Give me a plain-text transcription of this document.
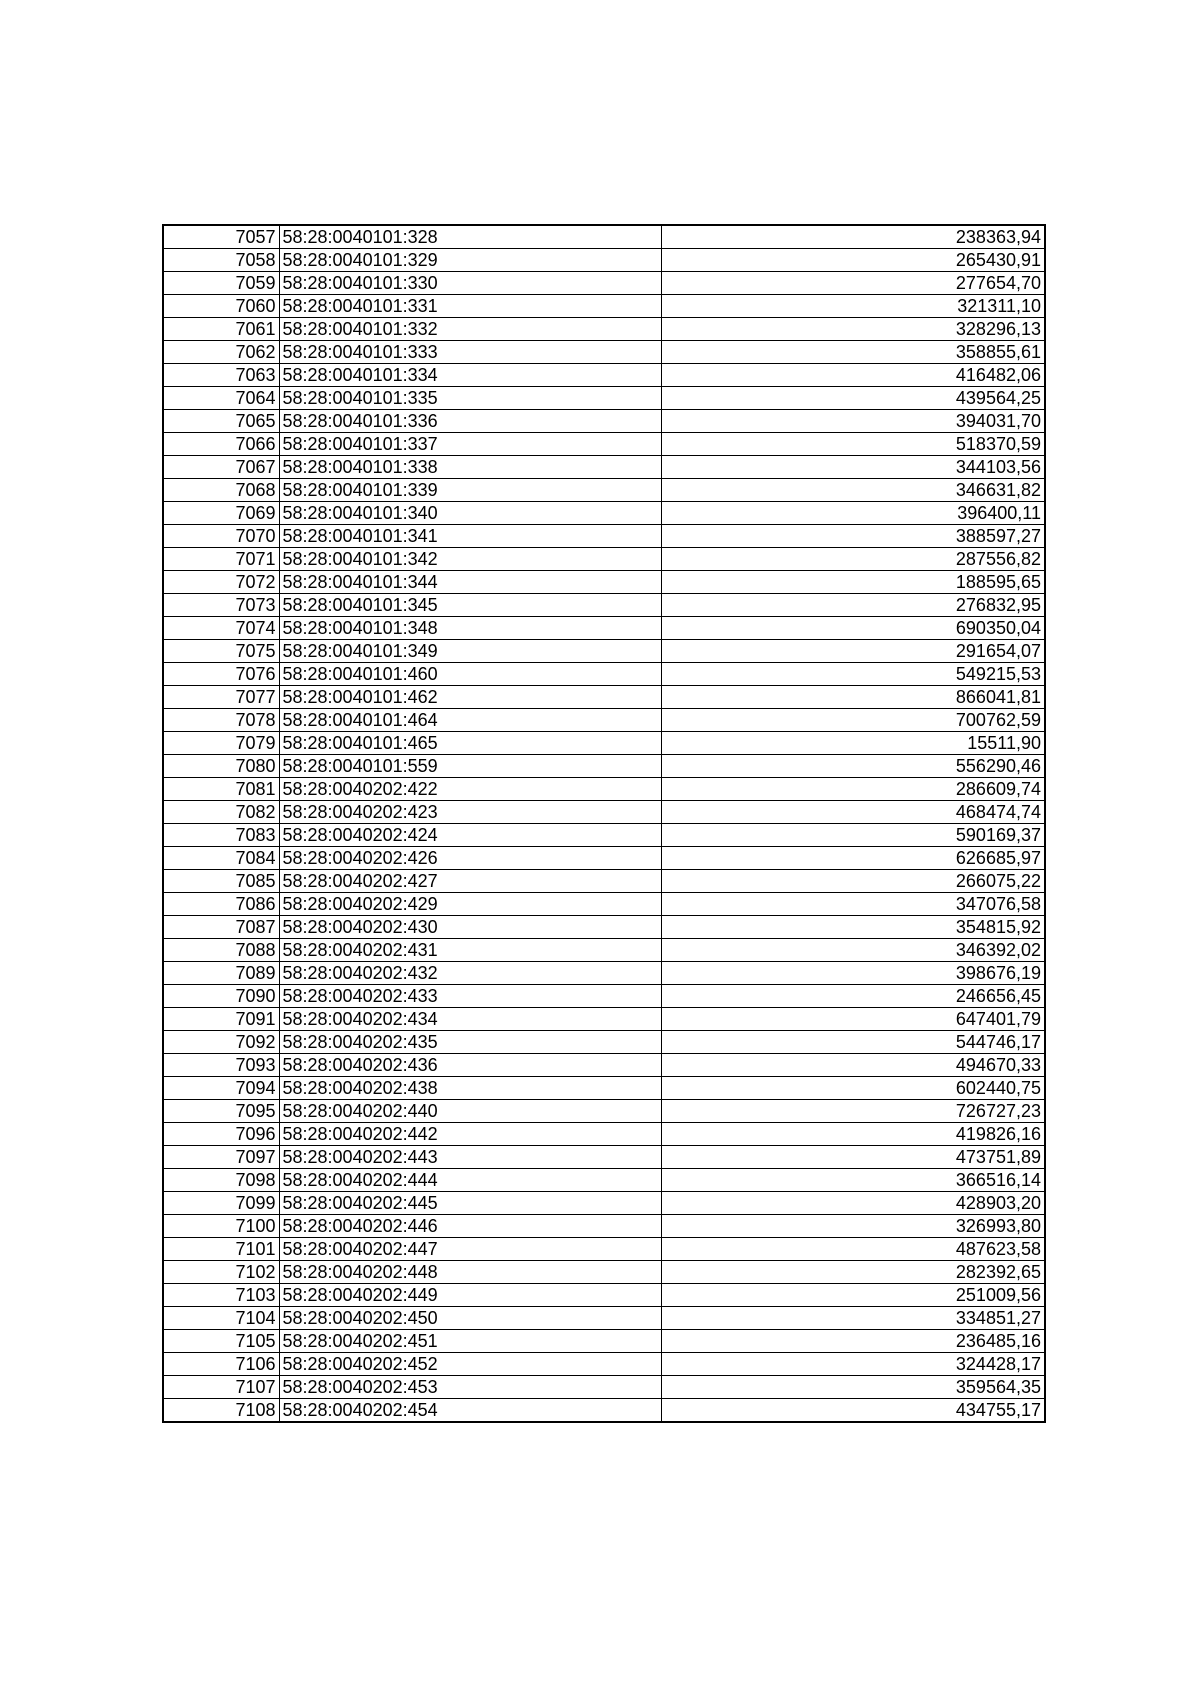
7057	58:28:0040101:328	238363,94
7058	58:28:0040101:329	265430,91
7059	58:28:0040101:330	277654,70
7060	58:28:0040101:331	321311,10
7061	58:28:0040101:332	328296,13
7062	58:28:0040101:333	358855,61
7063	58:28:0040101:334	416482,06
7064	58:28:0040101:335	439564,25
7065	58:28:0040101:336	394031,70
7066	58:28:0040101:337	518370,59
7067	58:28:0040101:338	344103,56
7068	58:28:0040101:339	346631,82
7069	58:28:0040101:340	396400,11
7070	58:28:0040101:341	388597,27
7071	58:28:0040101:342	287556,82
7072	58:28:0040101:344	188595,65
7073	58:28:0040101:345	276832,95
7074	58:28:0040101:348	690350,04
7075	58:28:0040101:349	291654,07
7076	58:28:0040101:460	549215,53
7077	58:28:0040101:462	866041,81
7078	58:28:0040101:464	700762,59
7079	58:28:0040101:465	15511,90
7080	58:28:0040101:559	556290,46
7081	58:28:0040202:422	286609,74
7082	58:28:0040202:423	468474,74
7083	58:28:0040202:424	590169,37
7084	58:28:0040202:426	626685,97
7085	58:28:0040202:427	266075,22
7086	58:28:0040202:429	347076,58
7087	58:28:0040202:430	354815,92
7088	58:28:0040202:431	346392,02
7089	58:28:0040202:432	398676,19
7090	58:28:0040202:433	246656,45
7091	58:28:0040202:434	647401,79
7092	58:28:0040202:435	544746,17
7093	58:28:0040202:436	494670,33
7094	58:28:0040202:438	602440,75
7095	58:28:0040202:440	726727,23
7096	58:28:0040202:442	419826,16
7097	58:28:0040202:443	473751,89
7098	58:28:0040202:444	366516,14
7099	58:28:0040202:445	428903,20
7100	58:28:0040202:446	326993,80
7101	58:28:0040202:447	487623,58
7102	58:28:0040202:448	282392,65
7103	58:28:0040202:449	251009,56
7104	58:28:0040202:450	334851,27
7105	58:28:0040202:451	236485,16
7106	58:28:0040202:452	324428,17
7107	58:28:0040202:453	359564,35
7108	58:28:0040202:454	434755,17
